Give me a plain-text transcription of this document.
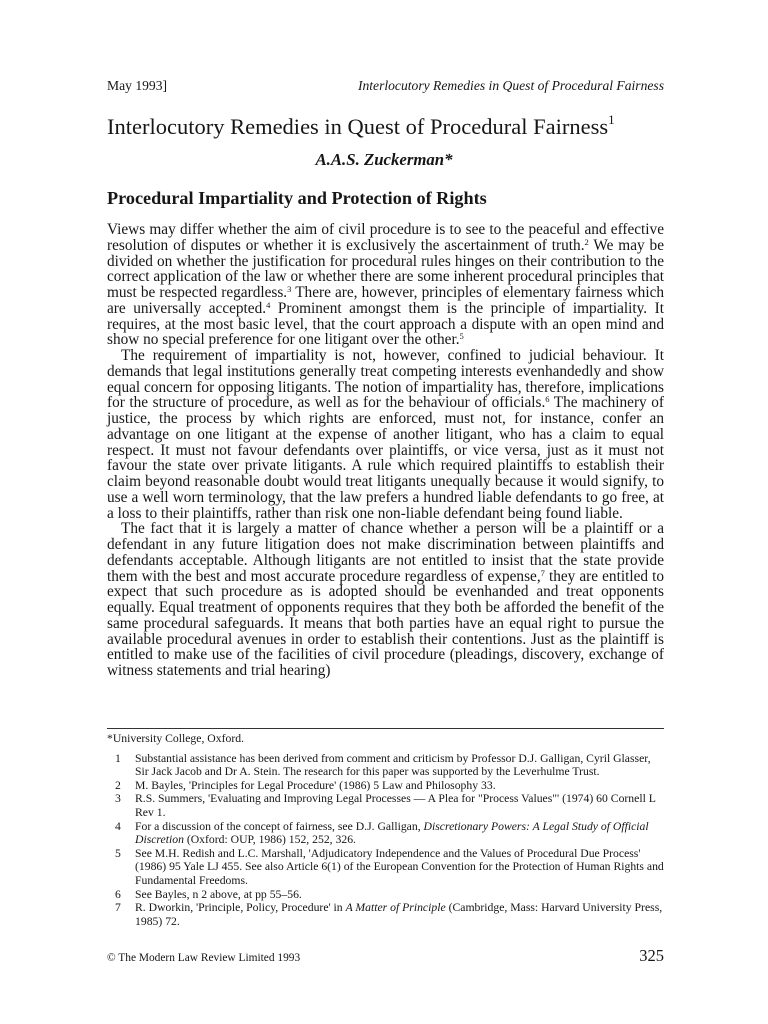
May 1993]	Interlocutory Remedies in Quest of Procedural Fairness
Interlocutory Remedies in Quest of Procedural Fairness$^1$
A.A.S. Zuckerman*
Procedural Impartiality and Protection of Rights

Views may differ whether the aim of civil procedure is to see to the peaceful and effective resolution of disputes or whether it is exclusively the ascertainment of truth.$^2$ We may be divided on whether the justification for procedural rules hinges on their contribution to the correct application of the law or whether there are some inherent procedural principles that must be respected regardless.$^3$ There are, however, principles of elementary fairness which are universally accepted.$^4$ Prominent amongst them is the principle of impartiality. It requires, at the most basic level, that the court approach a dispute with an open mind and show no special preference for one litigant over the other.$^5$

The requirement of impartiality is not, however, confined to judicial behaviour. It demands that legal institutions generally treat competing interests evenhandedly and show equal concern for opposing litigants. The notion of impartiality has, therefore, implications for the structure of procedure, as well as for the behaviour of officials.$^6$ The machinery of justice, the process by which rights are enforced, must not, for instance, confer an advantage on one litigant at the expense of another litigant, who has a claim to equal respect. It must not favour defendants over plaintiffs, or vice versa, just as it must not favour the state over private litigants. A rule which required plaintiffs to establish their claim beyond reasonable doubt would treat litigants unequally because it would signify, to use a well worn terminology, that the law prefers a hundred liable defendants to go free, at a loss to their plaintiffs, rather than risk one non-liable defendant being found liable.

The fact that it is largely a matter of chance whether a person will be a plaintiff or a defendant in any future litigation does not make discrimination between plaintiffs and defendants acceptable. Although litigants are not entitled to insist that the state provide them with the best and most accurate procedure regardless of expense,$^7$ they are entitled to expect that such procedure as is adopted should be evenhanded and treat opponents equally. Equal treatment of opponents requires that they both be afforded the benefit of the same procedural safeguards. It means that both parties have an equal right to pursue the available procedural avenues in order to establish their contentions. Just as the plaintiff is entitled to make use of the facilities of civil procedure (pleadings, discovery, exchange of witness statements and trial hearing)

*University College, Oxford.

1	Substantial assistance has been derived from comment and criticism by Professor D.J. Galligan, Cyril Glasser, Sir Jack Jacob and Dr A. Stein. The research for this paper was supported by the Leverhulme Trust.
2	M. Bayles, 'Principles for Legal Procedure' (1986) 5 Law and Philosophy 33.
3	R.S. Summers, 'Evaluating and Improving Legal Processes — A Plea for "Process Values"' (1974) 60 Cornell L Rev 1.
4	For a discussion of the concept of fairness, see D.J. Galligan, Discretionary Powers: A Legal Study of Official Discretion (Oxford: OUP, 1986) 152, 252, 326.
5	See M.H. Redish and L.C. Marshall, 'Adjudicatory Independence and the Values of Procedural Due Process' (1986) 95 Yale LJ 455. See also Article 6(1) of the European Convention for the Protection of Human Rights and Fundamental Freedoms.
6	See Bayles, n 2 above, at pp 55–56.
7	R. Dworkin, 'Principle, Policy, Procedure' in A Matter of Principle (Cambridge, Mass: Harvard University Press, 1985) 72.
© The Modern Law Review Limited 1993	325
